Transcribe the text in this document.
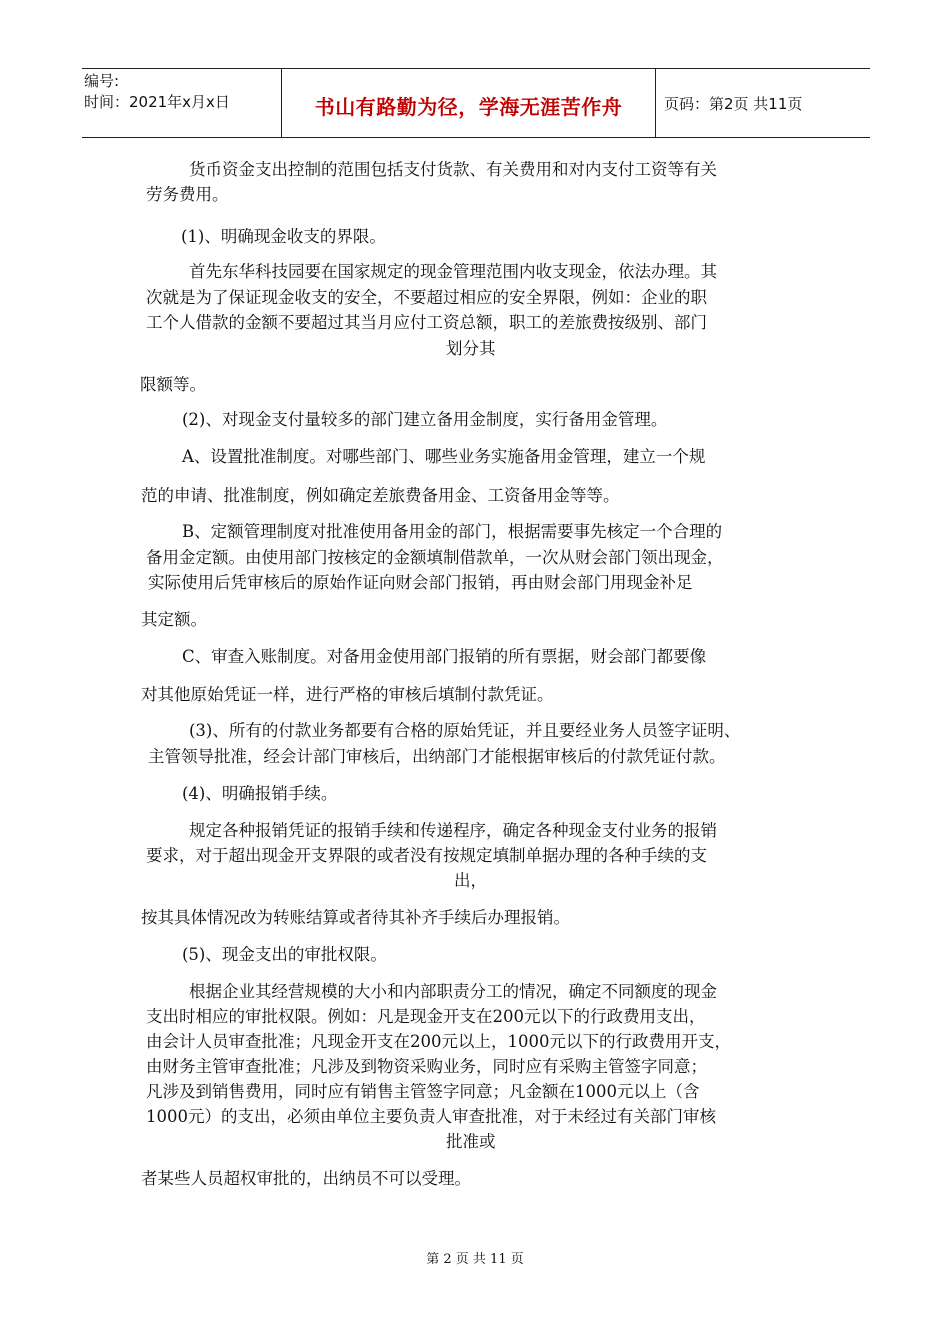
编号:
时间：2021年x月x日	书山有路勤为径，学海无涯苦作舟	页码：第2页 共11页
货币资金支出控制的范围包括支付货款、有关费用和对内支付工资等有关
劳务费用。
(1)、明确现金收支的界限。
首先东华科技园要在国家规定的现金管理范围内收支现金，依法办理。其
次就是为了保证现金收支的安全，不要超过相应的安全界限，例如：企业的职
工个人借款的金额不要超过其当月应付工资总额，职工的差旅费按级别、部门
划分其
限额等。
(2)、对现金支付量较多的部门建立备用金制度，实行备用金管理。
A、设置批准制度。对哪些部门、哪些业务实施备用金管理，建立一个规
范的申请、批准制度，例如确定差旅费备用金、工资备用金等等。
B、定额管理制度对批准使用备用金的部门，根据需要事先核定一个合理的
备用金定额。由使用部门按核定的金额填制借款单，一次从财会部门领出现金，
实际使用后凭审核后的原始作证向财会部门报销，再由财会部门用现金补足
其定额。
C、审查入账制度。对备用金使用部门报销的所有票据，财会部门都要像
对其他原始凭证一样，进行严格的审核后填制付款凭证。
(3)、所有的付款业务都要有合格的原始凭证，并且要经业务人员签字证明、
主管领导批准，经会计部门审核后，出纳部门才能根据审核后的付款凭证付款。
(4)、明确报销手续。
规定各种报销凭证的报销手续和传递程序，确定各种现金支付业务的报销
要求，对于超出现金开支界限的或者没有按规定填制单据办理的各种手续的支
出，
按其具体情况改为转账结算或者待其补齐手续后办理报销。
(5)、现金支出的审批权限。
根据企业其经营规模的大小和内部职责分工的情况，确定不同额度的现金
支出时相应的审批权限。例如：凡是现金开支在200元以下的行政费用支出，
由会计人员审查批准；凡现金开支在200元以上，1000元以下的行政费用开支，
由财务主管审查批准；凡涉及到物资采购业务，同时应有采购主管签字同意；
凡涉及到销售费用，同时应有销售主管签字同意；凡金额在1000元以上（含
1000元）的支出，必须由单位主要负责人审查批准，对于未经过有关部门审核
批准或
者某些人员超权审批的，出纳员不可以受理。
第 2 页 共 11 页
